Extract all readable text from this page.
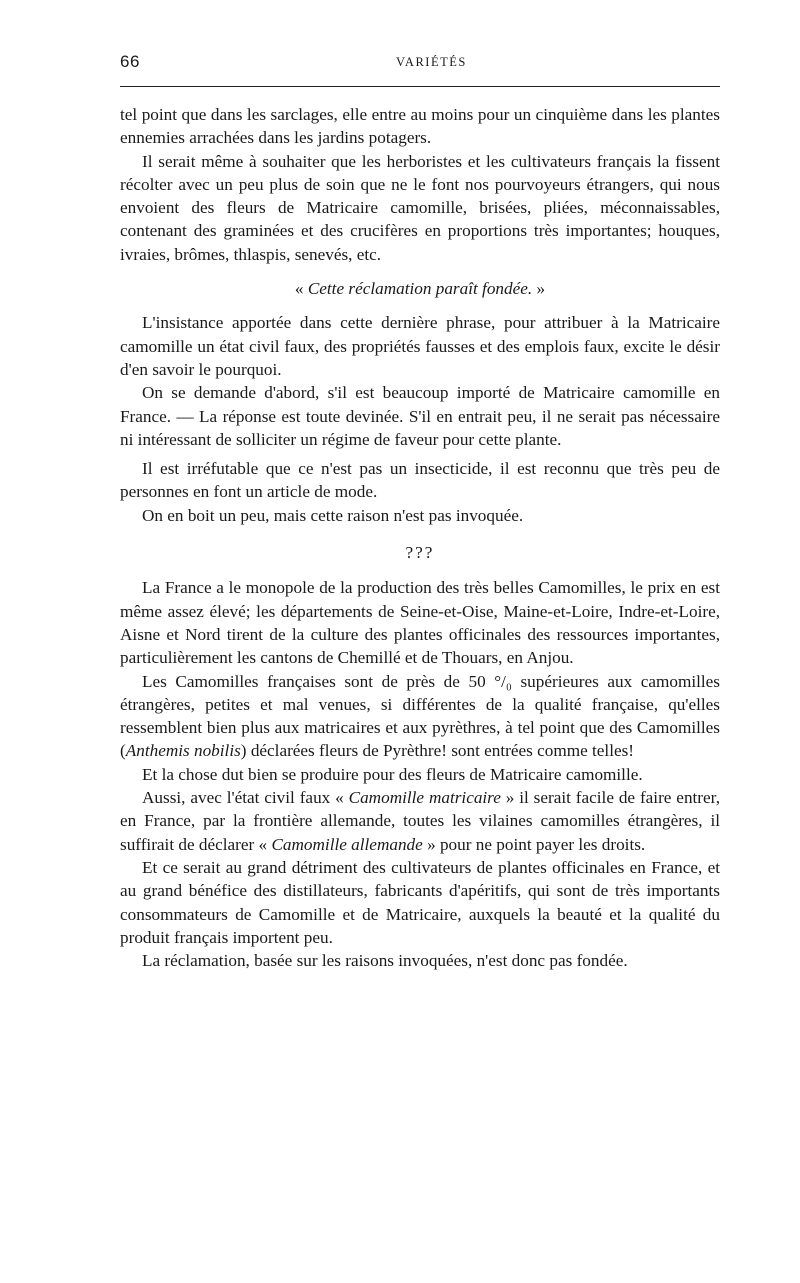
66	VARIÉTÉS

tel point que dans les sarclages, elle entre au moins pour un cinquième dans les plantes ennemies arrachées dans les jardins potagers.

Il serait même à souhaiter que les herboristes et les cultivateurs français la fissent récolter avec un peu plus de soin que ne le font nos pourvoyeurs étrangers, qui nous envoient des fleurs de Matricaire camomille, brisées, pliées, méconnaissables, contenant des graminées et des crucifères en proportions très importantes; houques, ivraies, brômes, thlaspis, senevés, etc.

« Cette réclamation paraît fondée. »

L'insistance apportée dans cette dernière phrase, pour attribuer à la Matricaire camomille un état civil faux, des propriétés fausses et des emplois faux, excite le désir d'en savoir le pourquoi.

On se demande d'abord, s'il est beaucoup importé de Matricaire camomille en France. — La réponse est toute devinée. S'il en entrait peu, il ne serait pas nécessaire ni intéressant de solliciter un régime de faveur pour cette plante.

Il est irréfutable que ce n'est pas un insecticide, il est reconnu que très peu de personnes en font un article de mode.

On en boit un peu, mais cette raison n'est pas invoquée.

???

La France a le monopole de la production des très belles Camomilles, le prix en est même assez élevé; les départements de Seine-et-Oise, Maine-et-Loire, Indre-et-Loire, Aisne et Nord tirent de la culture des plantes officinales des ressources importantes, particulièrement les cantons de Chemillé et de Thouars, en Anjou.

Les Camomilles françaises sont de près de 50 °/₀ supérieures aux camomilles étrangères, petites et mal venues, si différentes de la qualité française, qu'elles ressemblent bien plus aux matricaires et aux pyrèthres, à tel point que des Camomilles (Anthemis nobilis) déclarées fleurs de Pyrèthre! sont entrées comme telles!

Et la chose dut bien se produire pour des fleurs de Matricaire camomille.

Aussi, avec l'état civil faux « Camomille matricaire » il serait facile de faire entrer, en France, par la frontière allemande, toutes les vilaines camomilles étrangères, il suffirait de déclarer « Camomille allemande » pour ne point payer les droits.

Et ce serait au grand détriment des cultivateurs de plantes officinales en France, et au grand bénéfice des distillateurs, fabricants d'apéritifs, qui sont de très importants consommateurs de Camomille et de Matricaire, auxquels la beauté et la qualité du produit français importent peu.

La réclamation, basée sur les raisons invoquées, n'est donc pas fondée.
